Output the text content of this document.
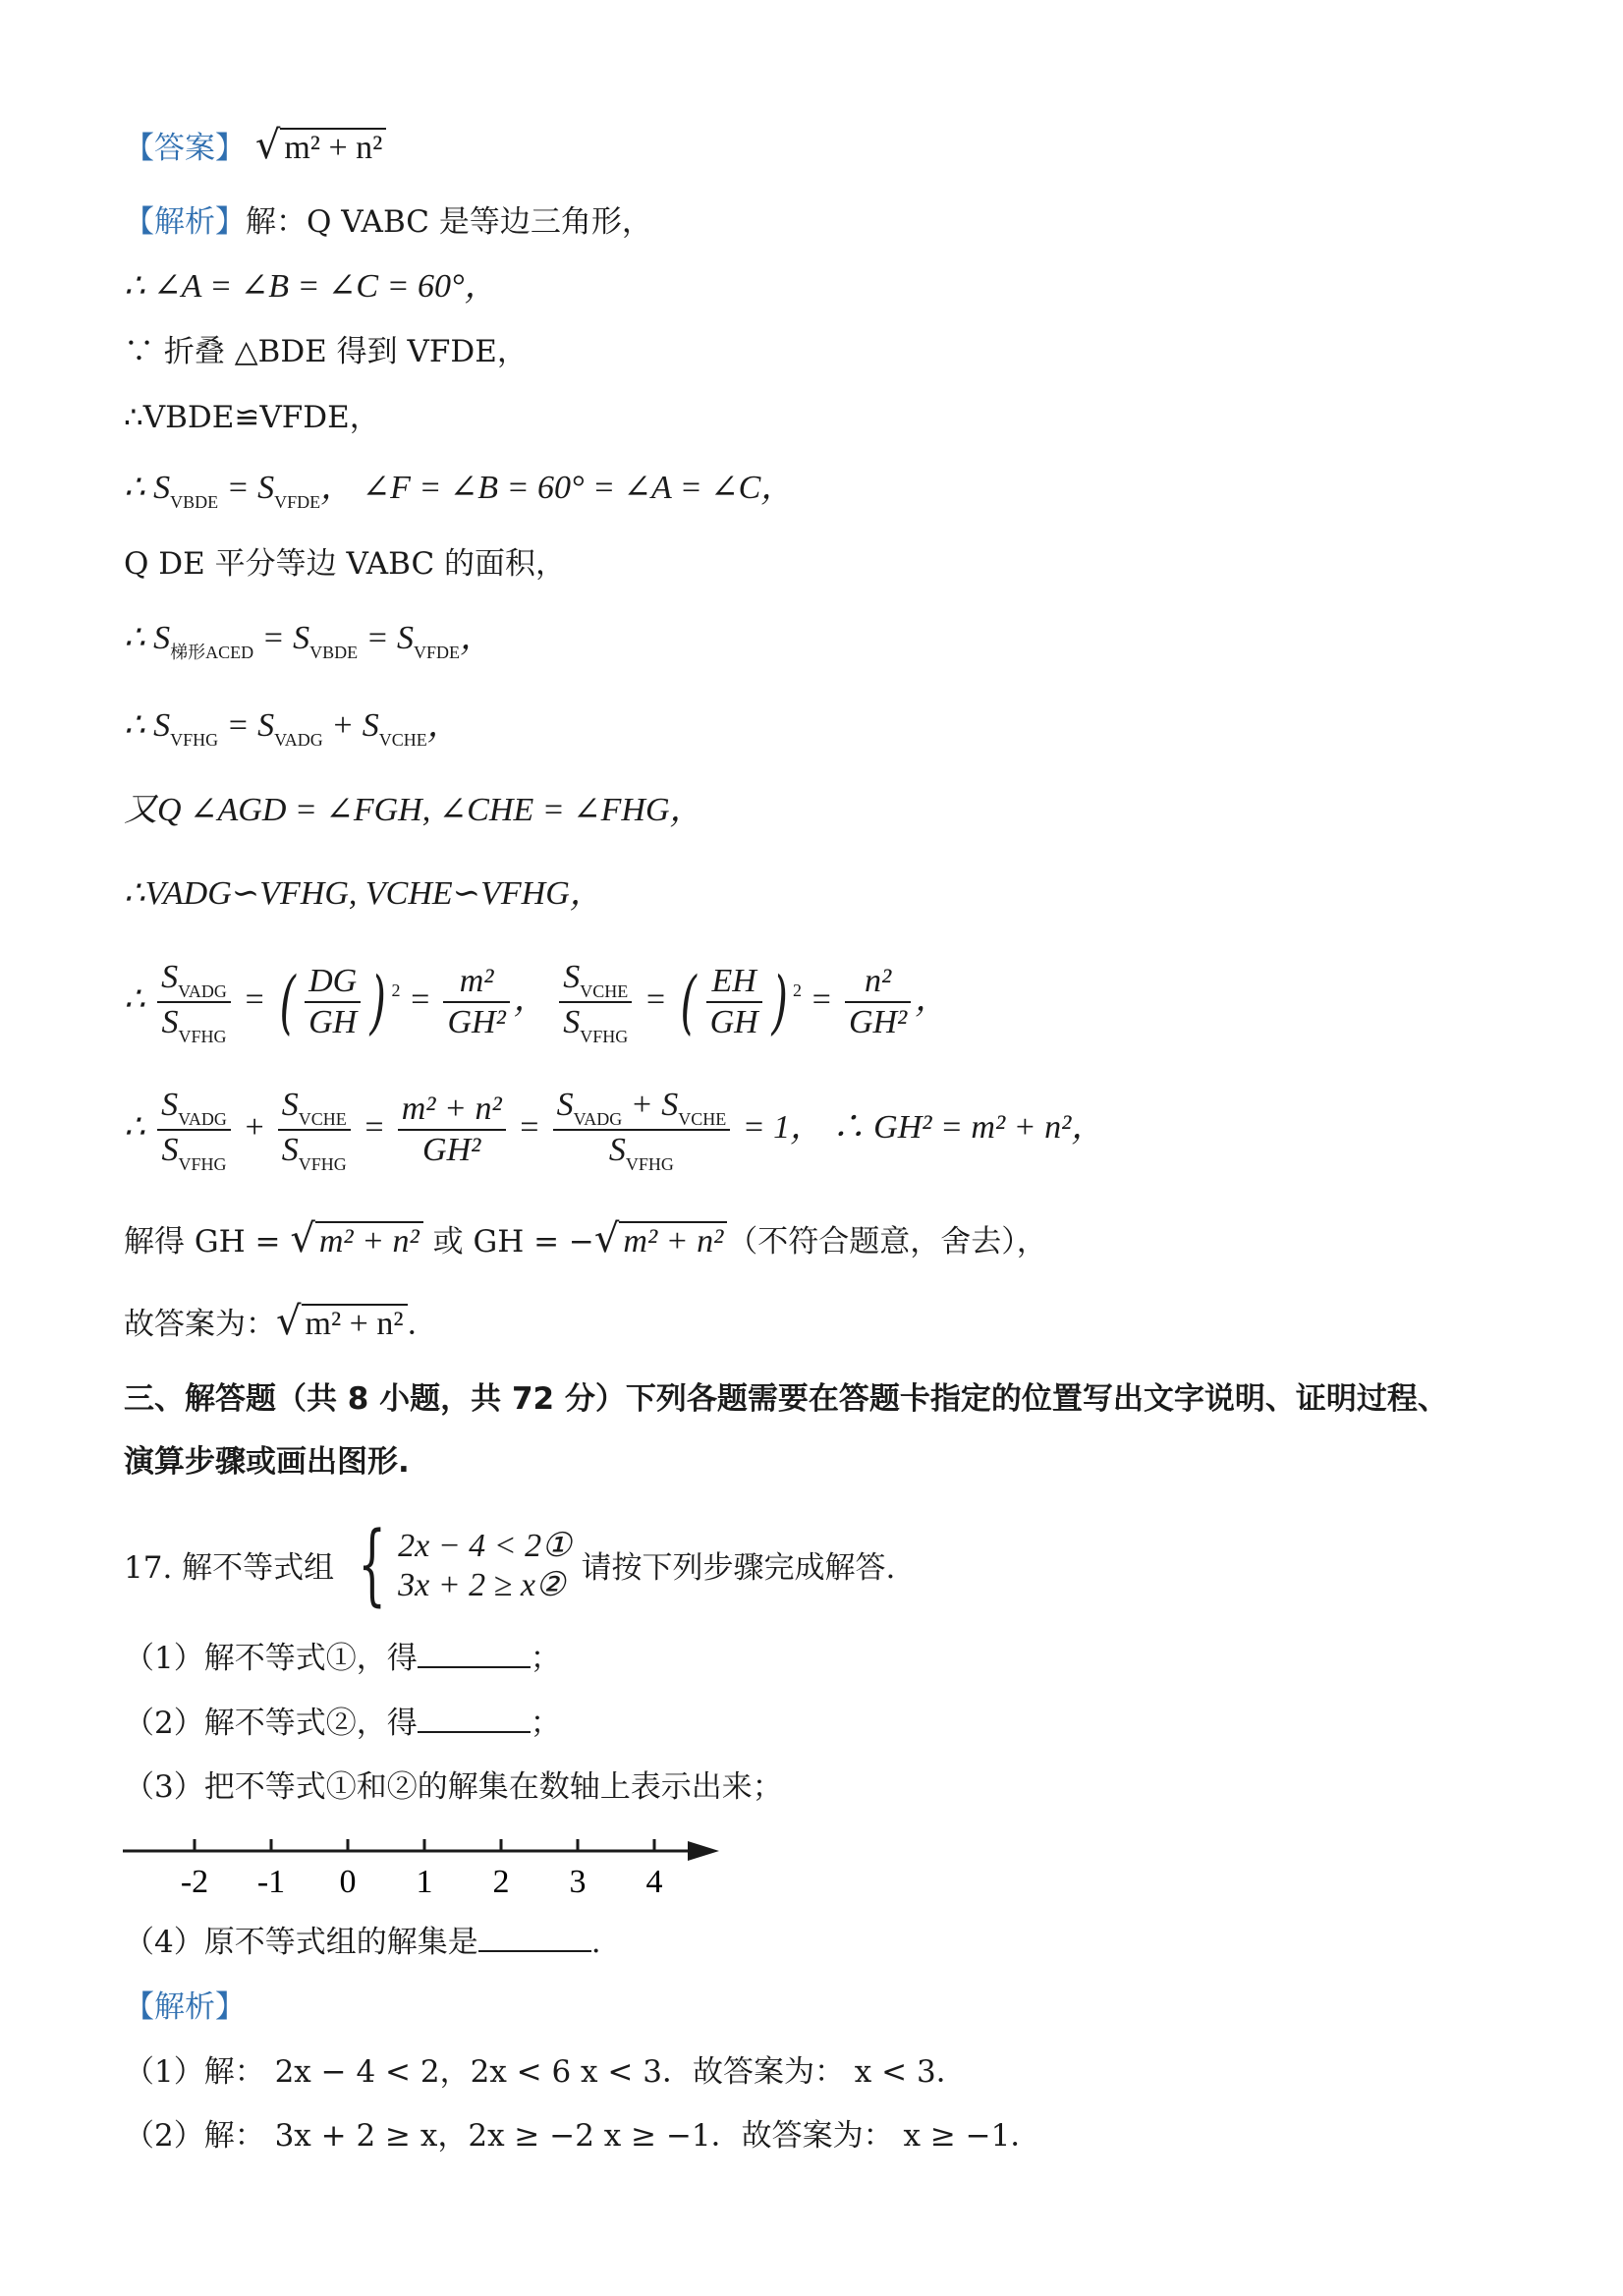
【答案】 √ m² + n²
【解析】解：Q VABC 是等边三角形，
∴ ∠A = ∠B = ∠C = 60°，
∵ 折叠 △BDE 得到 VFDE，
∴VBDE≌VFDE，
∴ $S_{VBDE} = S_{VFDE}$， ∠F = ∠B = 60° = ∠A = ∠C，
Q DE 平分等边 VABC 的面积，
∴ $S_{梯形ACED} = S_{VBDE} = S_{VFDE}$，
∴ $S_{VFHG} = S_{VADG} + S_{VCHE}$，
又Q ∠AGD = ∠FGH, ∠CHE = ∠FHG，
∴VADG∽VFHG, VCHE∽VFHG，
∴ $\frac{S_{VADG}}{S_{VFHG}}$ = ( $\frac{DG}{GH}$ ) $^2 = \frac{\text{m²}}{\text{GH²}}$ ， $\frac{S_{VCHE}}{S_{VFHG}}$ = ( $\frac{EH}{GH}$ ) $^2 = \frac{\text{n²}}{\text{GH²}}$ ，
∴ $\frac{S_{VADG}}{S_{VFHG}} + \frac{S_{VCHE}}{S_{VFHG}} = \frac{\text{m² + n²}}{\text{GH²}} = \frac{S_{VADG} + S_{VCHE}}{S_{VFHG}} = 1$， ∴ GH² = m² + n²，
解得 GH = √ m² + n² 或 GH = −√ m² + n² （不符合题意，舍去），
故答案为：√ m² + n² ．
三、解答题（共 8 小题，共 72 分）下列各题需要在答题卡指定的位置写出文字说明、证明过程、
演算步骤或画出图形.
17. 解不等式组 { 2x − 4 < 2①
3x + 2 ≥ x② 请按下列步骤完成解答.
（1）解不等式①，得	；
（2）解不等式②，得	；
（3）把不等式①和②的解集在数轴上表示出来；
-2 -1 0 1 2 3 4
（4）原不等式组的解集是	.
【解析】
（1）解： 2x − 4 < 2，2x < 6 x < 3．故答案为： x < 3．
（2）解： 3x + 2 ≥ x，2x ≥ −2 x ≥ −1．故答案为： x ≥ −1．
